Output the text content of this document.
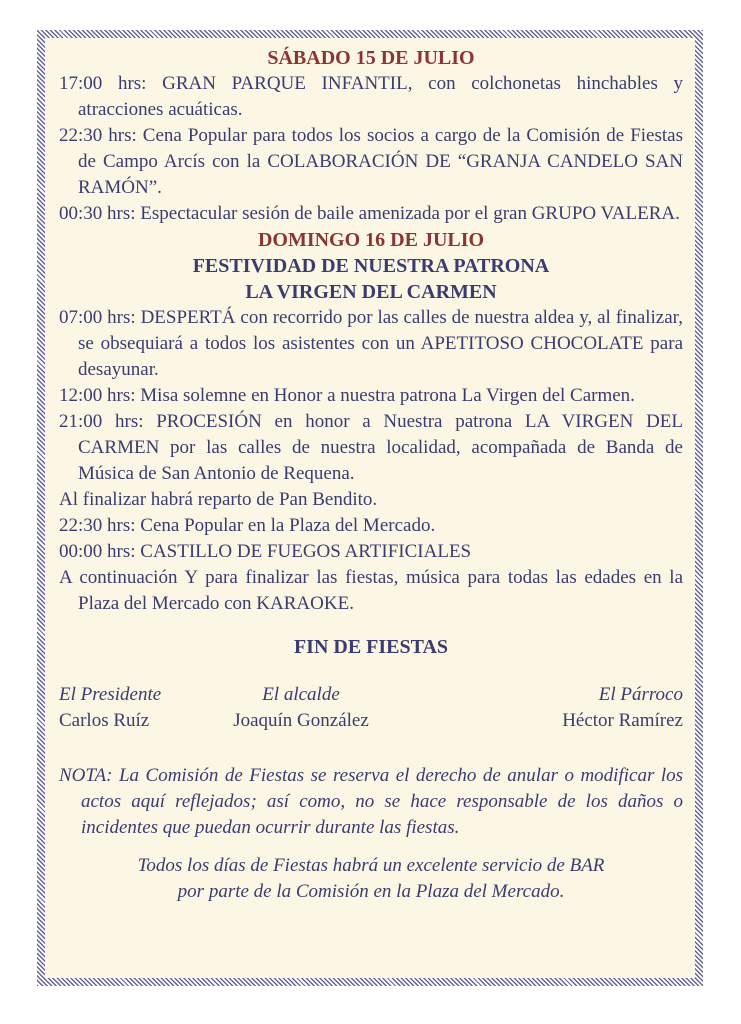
SÁBADO 15 DE JULIO

17:00 hrs: GRAN PARQUE INFANTIL, con colchonetas hinchables y atracciones acuáticas.

22:30 hrs: Cena Popular para todos los socios a cargo de la Comisión de Fiestas de Campo Arcís con la COLABORACIÓN DE “GRANJA CANDELO SAN RAMÓN”.

00:30 hrs: Espectacular sesión de baile amenizada por el gran GRUPO VALERA.

DOMINGO 16 DE JULIO
FESTIVIDAD DE NUESTRA PATRONA
LA VIRGEN DEL CARMEN

07:00 hrs: DESPERTÁ con recorrido por las calles de nuestra aldea y, al finalizar, se obsequiará a todos los asistentes con un APETITOSO CHOCOLATE para desayunar.

12:00 hrs: Misa solemne en Honor a nuestra patrona La Virgen del Carmen.

21:00 hrs: PROCESIÓN en honor a Nuestra patrona LA VIRGEN DEL CARMEN por las calles de nuestra localidad, acompañada de Banda de Música de San Antonio de Requena.

Al finalizar habrá reparto de Pan Bendito.

22:30 hrs: Cena Popular en la Plaza del Mercado.

00:00 hrs: CASTILLO DE FUEGOS ARTIFICIALES

A continuación Y para finalizar las fiestas, música para todas las edades en la Plaza del Mercado con KARAOKE.

FIN DE FIESTAS
El Presidente
Carlos Ruíz
El alcalde
Joaquín González
El Párroco
Héctor Ramírez

NOTA: La Comisión de Fiestas se reserva el derecho de anular o modificar los actos aquí reflejados; así como, no se hace responsable de los daños o incidentes que puedan ocurrir durante las fiestas.

Todos los días de Fiestas habrá un excelente servicio de BAR
por parte de la Comisión en la Plaza del Mercado.
